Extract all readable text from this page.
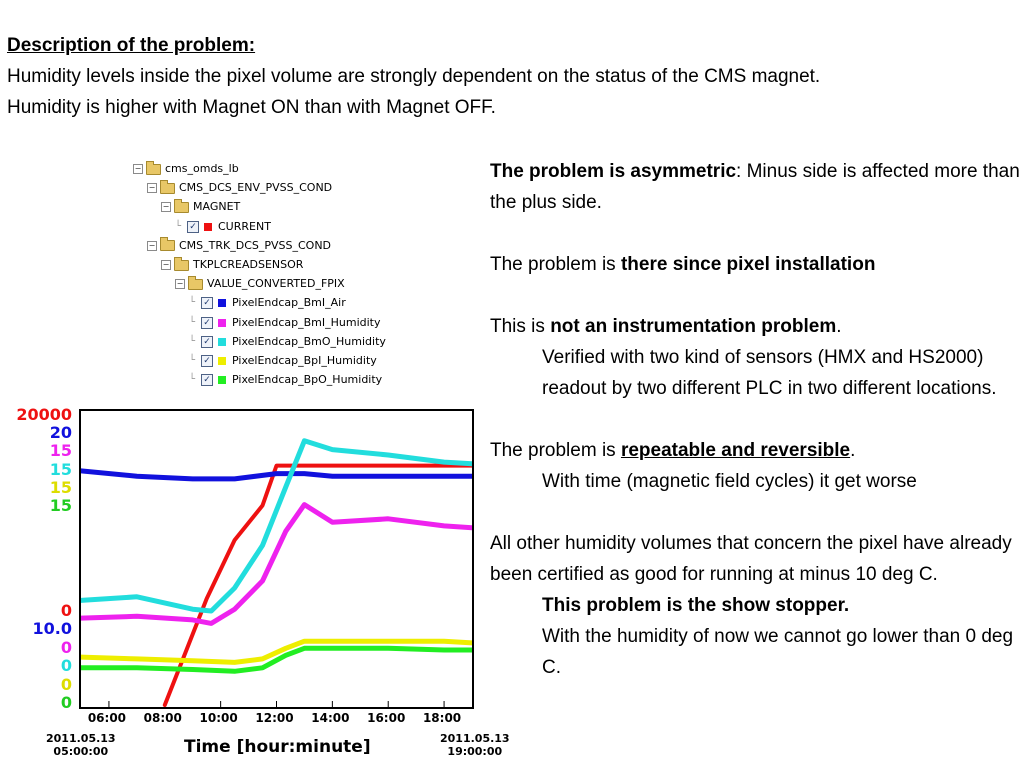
Description of the problem:
Humidity levels inside the pixel volume are strongly dependent on the status of the CMS magnet.
Humidity is higher with Magnet ON than with Magnet OFF.
− cms_omds_lb
− CMS_DCS_ENV_PVSS_COND
− MAGNET
└ ✓ CURRENT
− CMS_TRK_DCS_PVSS_COND
− TKPLCREADSENSOR
− VALUE_CONVERTED_FPIX
└ ✓ PixelEndcap_BmI_Air
└ ✓ PixelEndcap_BmI_Humidity
└ ✓ PixelEndcap_BmO_Humidity
└ ✓ PixelEndcap_BpI_Humidity
└ ✓ PixelEndcap_BpO_Humidity
20000
20
15
15
15
15
0
10.0
0
0
0
0
06:00 08:00 10:00 12:00 14:00 16:00 18:00
2011.05.13
05:00:00
2011.05.13
19:00:00
Time [hour:minute]

The problem is asymmetric: Minus side is affected more than the plus side.

The problem is there since pixel installation

This is not an instrumentation problem.

Verified with two kind of sensors (HMX and HS2000) readout by two different PLC in two different locations.

The problem is repeatable and reversible.

With time (magnetic field cycles) it get worse

All other humidity volumes that concern the pixel have already been certified as good for running at minus 10 deg C.

This problem is the show stopper.

With the humidity of now we cannot go lower than 0 deg C.
